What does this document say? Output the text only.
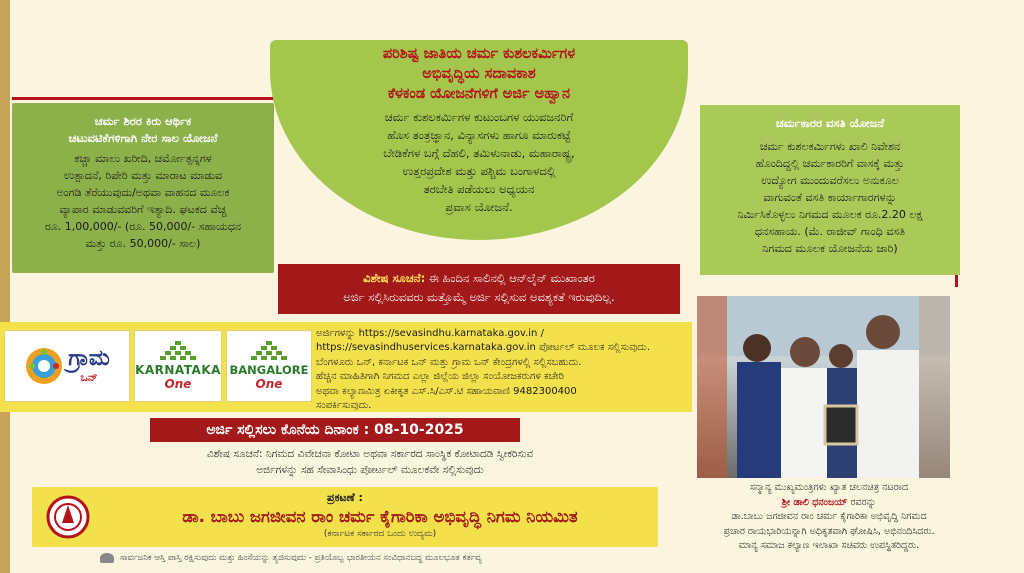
ಚರ್ಮ ಶಿರರ ಕಿರು ಆರ್ಥಿಕ
ಚಟುವಟಿಕೆಗಳಿಗಾಗಿ ನೇರ ಸಾಲ ಯೋಜನೆ
ಕಚ್ಚಾ ಮಾಲು ಖರೀದಿ, ಚರ್ಮೋತ್ಪನ್ನಗಳ
ಉತ್ಪಾದನೆ, ರಿಪೇರಿ ಮತ್ತು ಮಾರಾಟ ಮಾಡುವ
ಅಂಗಡಿ ತೆರೆಯುವುದು/ಅಥವಾ ವಾಹನದ ಮೂಲಕ
ವ್ಯಾಪಾರ ಮಾಡುವವರಿಗೆ ಇತ್ಯಾದಿ. ಘಟಕದ ವೆಚ್ಚ
ರೂ. 1,00,000/- (ರೂ. 50,000/- ಸಹಾಯಧನ
ಮತ್ತು ರೂ. 50,000/- ಸಾಲ)
ಪರಿಶಿಷ್ಟ ಜಾತಿಯ ಚರ್ಮ ಕುಶಲಕರ್ಮಿಗಳ
ಅಭಿವೃದ್ಧಿಯ ಸದಾವಕಾಶ
ಕೆಳಕಂಡ ಯೋಜನೆಗಳಿಗೆ ಅರ್ಜಿ ಅಹ್ವಾನ
ಚರ್ಮ ಕುಶಲಕರ್ಮಿಗಳ ಕುಟುಂಬಗಳ ಯುವಜನರಿಗೆ
ಹೊಸ ತಂತ್ರಜ್ಞಾನ, ವಿನ್ಯಾಸಗಳು ಹಾಗೂ ಮಾರುಕಟ್ಟೆ
ಬೇಡಿಕೆಗಳ ಬಗ್ಗೆ ದೆಹಲಿ, ತಮಿಳುನಾಡು, ಮಹಾರಾಷ್ಟ್ರ,
ಉತ್ತರಪ್ರದೇಶ ಮತ್ತು ಪಶ್ಚಿಮ ಬಂಗಾಳದಲ್ಲಿ
ತರಬೇತಿ ಪಡೆಯಲು ಅಧ್ಯಯನ
ಪ್ರವಾಸ ಯೋಜನೆ.
ಚರ್ಮಕಾರರ ವಸತಿ ಯೋಜನೆ
ಚರ್ಮ ಕುಶಲಕರ್ಮಿಗಳು ಖಾಲಿ ನಿವೇಶನ
ಹೊಂದಿದ್ದಲ್ಲಿ ಚರ್ಮಕಾರರಿಗೆ ವಾಸಕ್ಕೆ ಮತ್ತು
ಉದ್ಯೋಗ ಮುಂದುವರೆಸಲು ಅನುಕೂಲ
ವಾಗುವಂತೆ ವಸತಿ ಕಾರ್ಯಾಗಾರಗಳನ್ನು
ನಿರ್ಮಿಸಿಕೊಳ್ಳಲು ನಿಗಮದ ಮೂಲಕ ರೂ.2.20 ಲಕ್ಷ
ಧನಸಹಾಯ. (ಮೆ. ರಾಜೀವ್ ಗಾಂಧಿ ವಸತಿ
ನಿಗಮದ ಮೂಲಕ ಯೋಜನೆಯ ಜಾರಿ)
ವಿಶೇಷ ಸೂಚನೆ: ಈ ಹಿಂದಿನ ಸಾಲಿನಲ್ಲಿ ಆನ್‌ಲೈನ್ ಮುಖಾಂತರ
ಅರ್ಜಿ ಸಲ್ಲಿಸಿರುವವರು ಮತ್ತೊಮ್ಮೆ ಅರ್ಜಿ ಸಲ್ಲಿಸುವ ಅವಶ್ಯಕತೆ ಇರುವುದಿಲ್ಲ.
ಗ್ರಾಮ
ಒನ್
KARNATAKA
One
BANGALORE
One
ಅರ್ಜಿಗಳನ್ನು https://sevasindhu.karnataka.gov.in /
https://sevasindhuservices.karnataka.gov.in ಪೋರ್ಟಲ್ ಮೂಲಕ ಸಲ್ಲಿಸುವುದು.
ಬೆಂಗಳೂರು ಒನ್, ಕರ್ನಾಟಕ ಒನ್ ಮತ್ತು ಗ್ರಾಮ ಒನ್ ಕೇಂದ್ರಗಳಲ್ಲಿ ಸಲ್ಲಿಸಬಹುದು.
ಹೆಚ್ಚಿನ ಮಾಹಿತಿಗಾಗಿ ನಿಗಮದ ಎಲ್ಲಾ ಜಿಲ್ಲೆಯ ಜಿಲ್ಲಾ ಸಂಯೋಜಕರುಗಳ ಕಚೇರಿ
ಅಥವಾ ಕಲ್ಯಾಣಮಿತ್ರ ಏಕೀಕೃತ ಎಸ್.ಸಿ/ಎಸ್.ಟಿ ಸಹಾಯವಾಣಿ 9482300400
ಸಂಪರ್ಕಿಸುವುದು.
ಅರ್ಜಿ ಸಲ್ಲಿಸಲು ಕೊನೆಯ ದಿನಾಂಕ : 08-10-2025
ವಿಶೇಷ ಸೂಚನೆ: ನಿಗಮದ ವಿವೇಚನಾ ಕೋಟಾ ಅಥವಾ ಸರ್ಕಾರದ ಸಾಂಸ್ಥಿಕ ಕೋಟಾದಡಿ ಸ್ವೀಕರಿಸುವ
ಅರ್ಜಿಗಳನ್ನು ಸಹ ಸೇವಾಸಿಂಧು ಪೋರ್ಟಲ್ ಮೂಲಕವೇ ಸಲ್ಲಿಸುವುದು
ಪ್ರಕಟಣೆ :
ಡಾ. ಬಾಬು ಜಗಜೀವನ ರಾಂ ಚರ್ಮ ಕೈಗಾರಿಕಾ ಅಭಿವೃದ್ಧಿ ನಿಗಮ ನಿಯಮಿತ
(ಕರ್ನಾಟಕ ಸರ್ಕಾರದ ಒಂದು ಉದ್ಯಮ)
ಸಾರ್ವಜನಿಕ ಆಸ್ತಿ ಪಾಸ್ತಿ ರಕ್ಷಿಸುವುದು ಮತ್ತು ಹಿಂಸೆಯನ್ನು ತ್ಯಜಿಸುವುದು - ಪ್ರತಿಯೊಬ್ಬ ಭಾರತೀಯನ ಸಂವಿಧಾನಬದ್ಧ ಮೂಲಭೂತ ಕರ್ತವ್ಯ
ಸನ್ಮಾನ್ಯ ಮುಖ್ಯಮಂತ್ರಿಗಳು ಖ್ಯಾತ ಚಲನಚಿತ್ರ ನಟರಾದ
ಶ್ರೀ ಡಾಲಿ ಧನಂಜಯ್ ರವರನ್ನು
ಡಾ.ಬಾಬು ಜಗಜೀವನ ರಾಂ ಚರ್ಮ ಕೈಗಾರಿಕಾ ಅಭಿವೃದ್ಧಿ ನಿಗಮದ
ಪ್ರಚಾರ ರಾಯಭಾರಿಯನ್ನಾಗಿ ಅಧಿಕೃತವಾಗಿ ಘೋಷಿಸಿ, ಅಭಿನಂದಿಸಿದರು.
ಮಾನ್ಯ ಸಮಾಜ ಕಲ್ಯಾಣ ಇಲಾಖಾ ಸಚಿವರು ಉಪಸ್ಥಿತರಿದ್ದರು.
